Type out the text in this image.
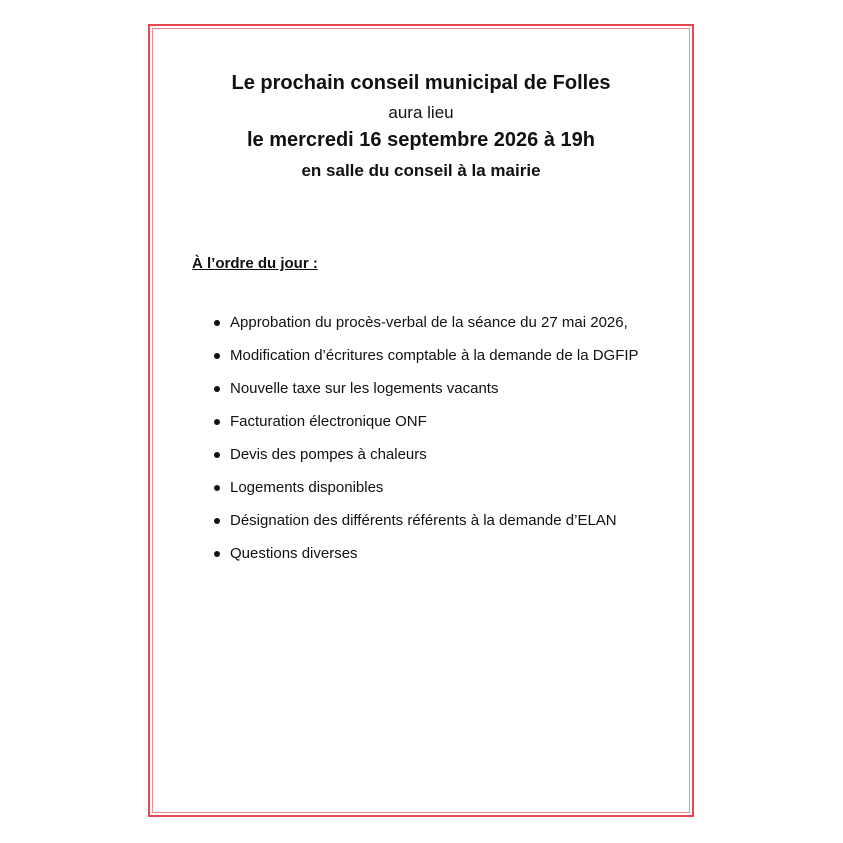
Le prochain conseil municipal de Folles
aura lieu
le mercredi 16 septembre 2026 à 19h
en salle du conseil à la mairie
À l’ordre du jour :
Approbation du procès-verbal de la séance du 27 mai 2026,
Modification d’écritures comptable à la demande de la DGFIP
Nouvelle taxe sur les logements vacants
Facturation électronique ONF
Devis des pompes à chaleurs
Logements disponibles
Désignation des différents référents à la demande d’ELAN
Questions diverses
